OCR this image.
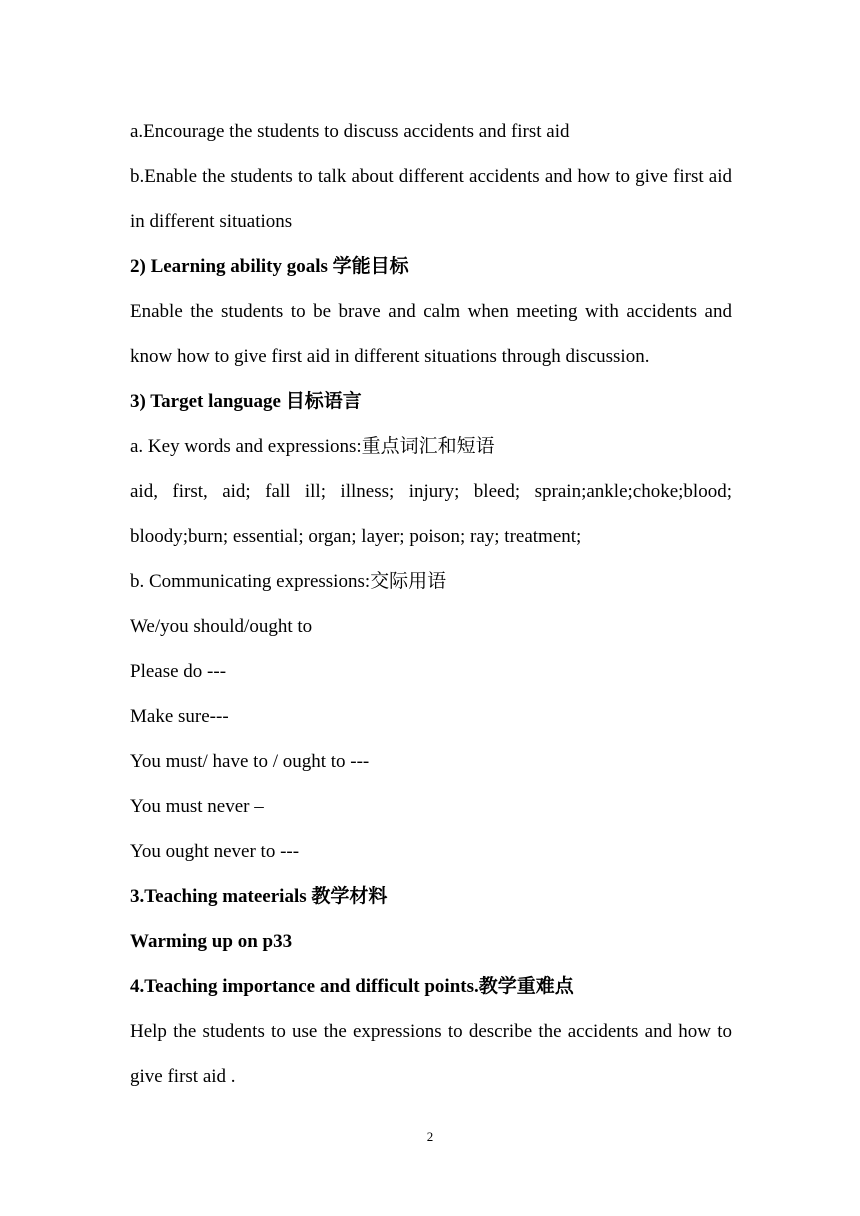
a.Encourage the students to discuss accidents and first aid
b.Enable the students to talk about different accidents and how to give first aid in different situations
2) Learning ability goals 学能目标
Enable the students to be brave and calm when meeting with accidents and know how to give first aid in different situations through discussion.
3) Target language 目标语言
a. Key words and expressions:重点词汇和短语
aid, first, aid; fall ill; illness; injury; bleed; sprain;ankle;choke;blood; bloody;burn; essential; organ; layer; poison; ray; treatment;
b. Communicating expressions:交际用语
We/you should/ought to
Please do ---
Make sure---
You must/ have to / ought to ---
You must never –
You ought never to ---
3.Teaching mateerials 教学材料
Warming up on p33
4.Teaching importance and difficult points.教学重难点
Help the students to use the expressions to describe the accidents and how to give first aid .
2
